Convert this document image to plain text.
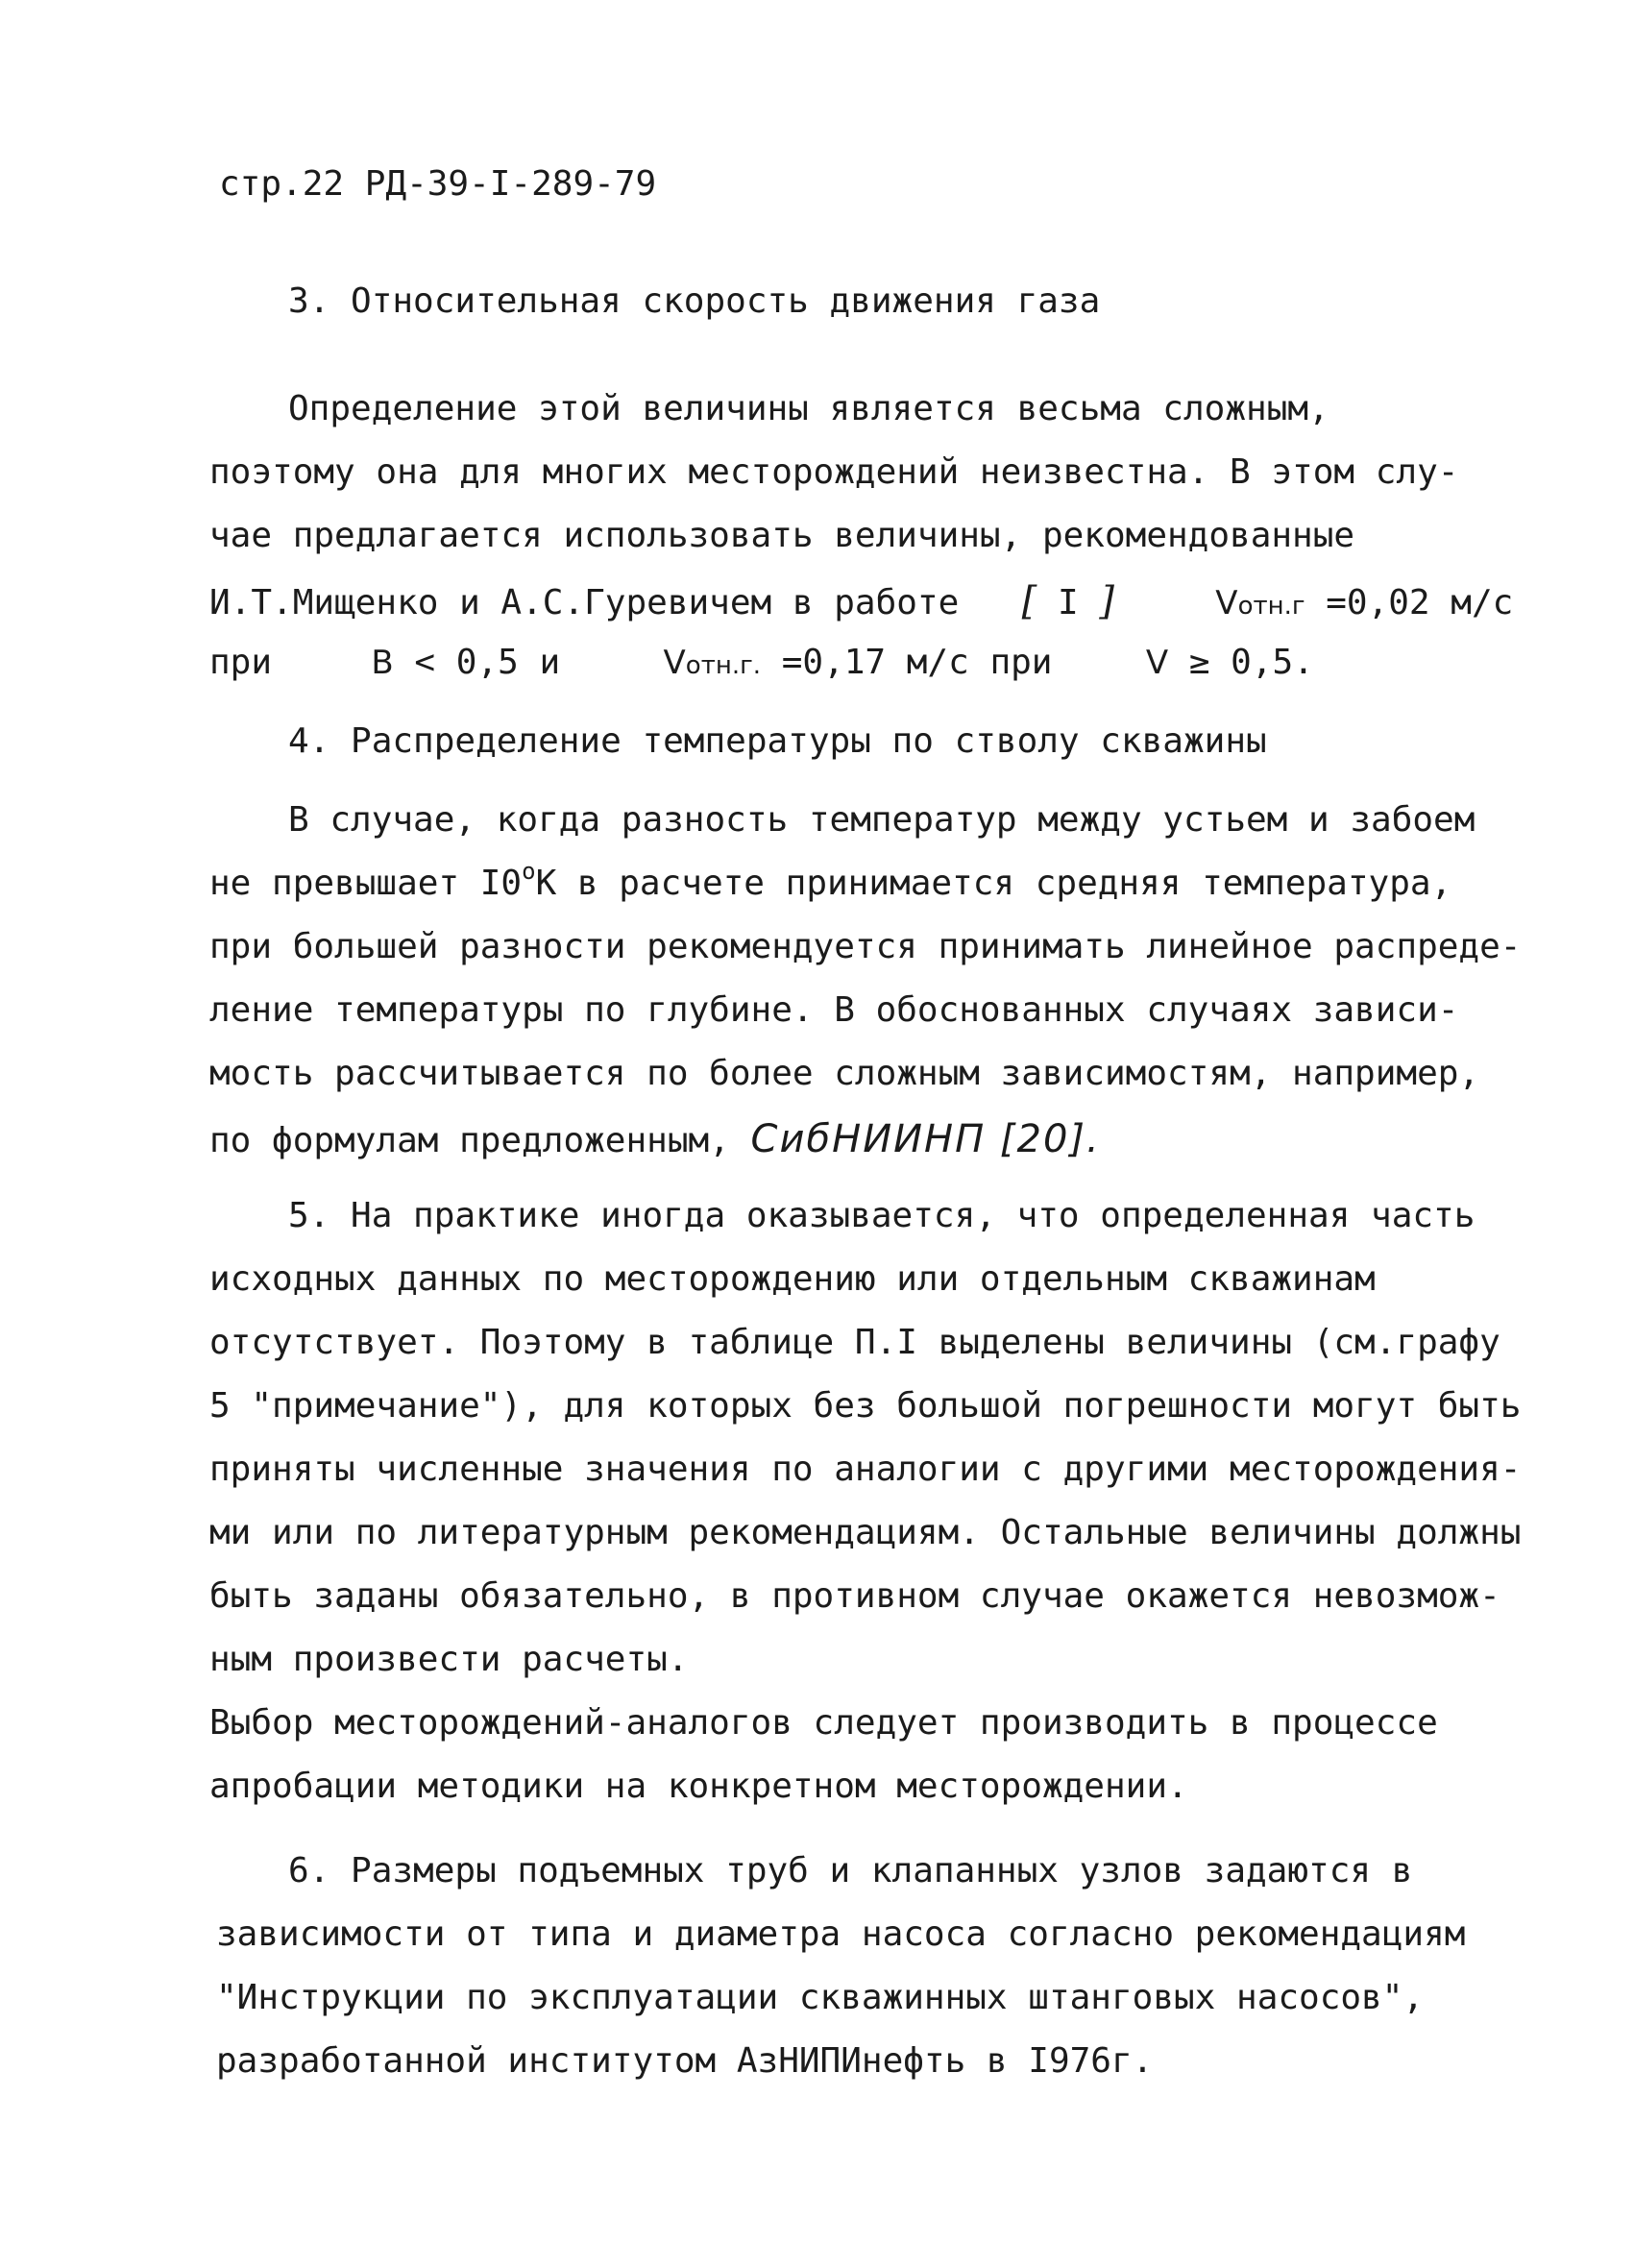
стр.22 РД-39-I-289-79
3. Относительная скорость движения газа
Определение этой величины является весьма сложным,
поэтому она для многих месторождений неизвестна. В этом слу-
чае предлагается использовать величины, рекомендованные
И.Т.Мищенко и А.С.Гуревичем в работе [ I ]	Vотн.г =0,02 м/с
при	B < 0,5 и	Vотн.г. =0,17 м/с при	V ≥ 0,5.
4. Распределение температуры по стволу скважины
В случае, когда разность температур между устьем и забоем
не превышает $I0^оК$ в расчете принимается средняя температура,
при большей разности рекомендуется принимать линейное распреде-
ление температуры по глубине. В обоснованных случаях зависи-
мость рассчитывается по более сложным зависимостям, например,
по формулам предложенным, СибНИИНП [20].
5. На практике иногда оказывается, что определенная часть
исходных данных по месторождению или отдельным скважинам
отсутствует. Поэтому в таблице П.I выделены величины (см.графу
5 "примечание"), для которых без большой погрешности могут быть
приняты численные значения по аналогии с другими месторождения-
ми или по литературным рекомендациям. Остальные величины должны
быть заданы обязательно, в противном случае окажется невозмож-
ным произвести расчеты.
Выбор месторождений-аналогов следует производить в процессе
апробации методики на конкретном месторождении.
6. Размеры подъемных труб и клапанных узлов задаются в
зависимости от типа и диаметра насоса согласно рекомендациям
"Инструкции по эксплуатации скважинных штанговых насосов",
разработанной институтом АзНИПИнефть в I976г.
